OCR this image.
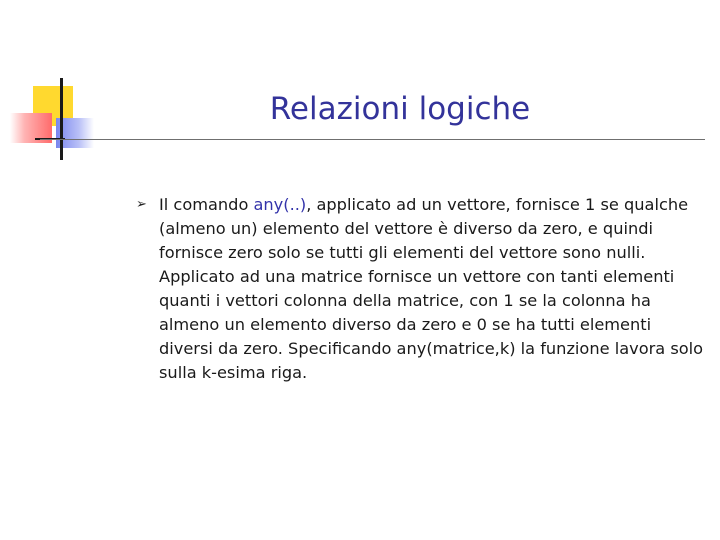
Relazioni logiche
➢ Il comando any(..), applicato ad un vettore, fornisce 1 se qualche (almeno un) elemento del vettore è diverso da zero, e quindi fornisce zero solo se tutti gli elementi del vettore sono nulli. Applicato ad una matrice fornisce un vettore con tanti elementi quanti i vettori colonna della matrice, con 1 se la colonna ha almeno un elemento diverso da zero e 0 se ha tutti elementi diversi da zero. Specificando any(matrice,k) la funzione lavora solo sulla k-esima riga.
